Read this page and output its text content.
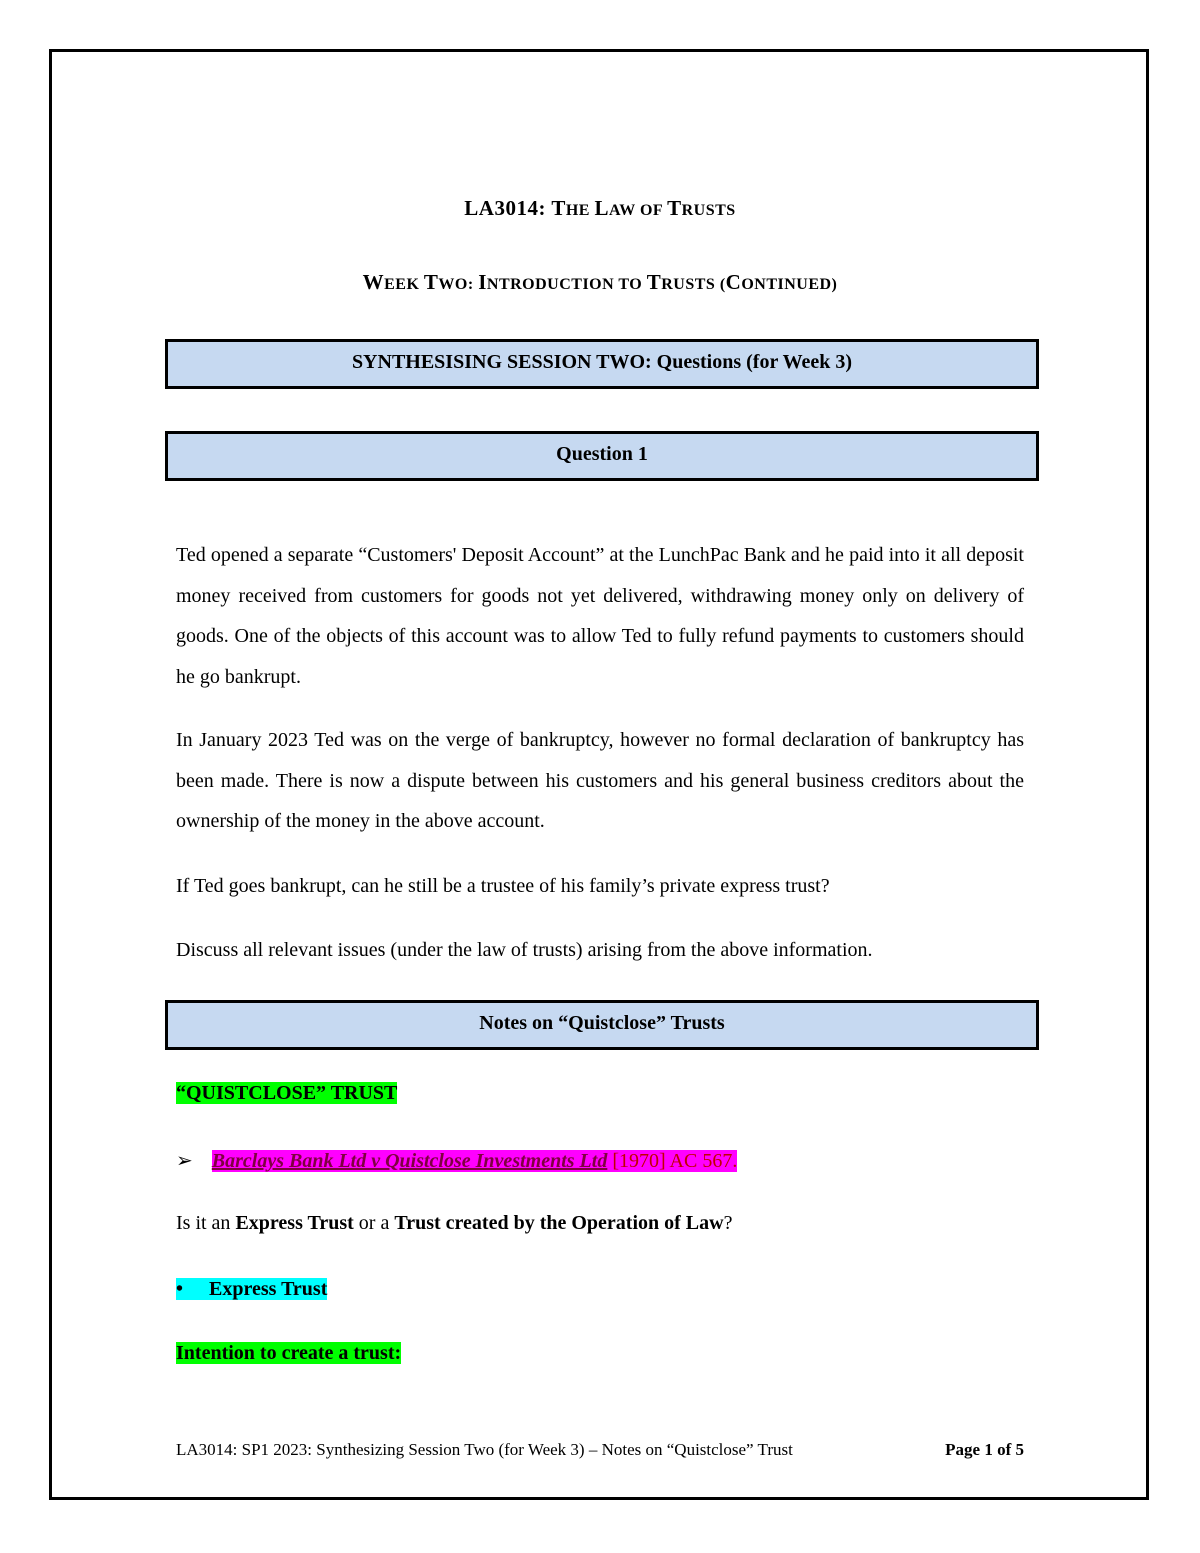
LA3014: THE LAW OF TRUSTS
WEEK TWO: INTRODUCTION TO TRUSTS (CONTINUED)
SYNTHESISING SESSION TWO: Questions (for Week 3)
Question 1

Ted opened a separate “Customers' Deposit Account” at the LunchPac Bank and he paid into it all deposit money received from customers for goods not yet delivered, withdrawing money only on delivery of goods. One of the objects of this account was to allow Ted to fully refund payments to customers should he go bankrupt.

In January 2023 Ted was on the verge of bankruptcy, however no formal declaration of bankruptcy has been made. There is now a dispute between his customers and his general business creditors about the ownership of the money in the above account.

If Ted goes bankrupt, can he still be a trustee of his family’s private express trust?

Discuss all relevant issues (under the law of trusts) arising from the above information.

Notes on “Quistclose” Trusts
“QUISTCLOSE” TRUST
➢ Barclays Bank Ltd v Quistclose Investments Ltd [1970] AC 567.
Is it an Express Trust or a Trust created by the Operation of Law?
• Express Trust
Intention to create a trust:
LA3014: SP1 2023: Synthesizing Session Two (for Week 3) – Notes on “Quistclose” Trust	Page 1 of 5
